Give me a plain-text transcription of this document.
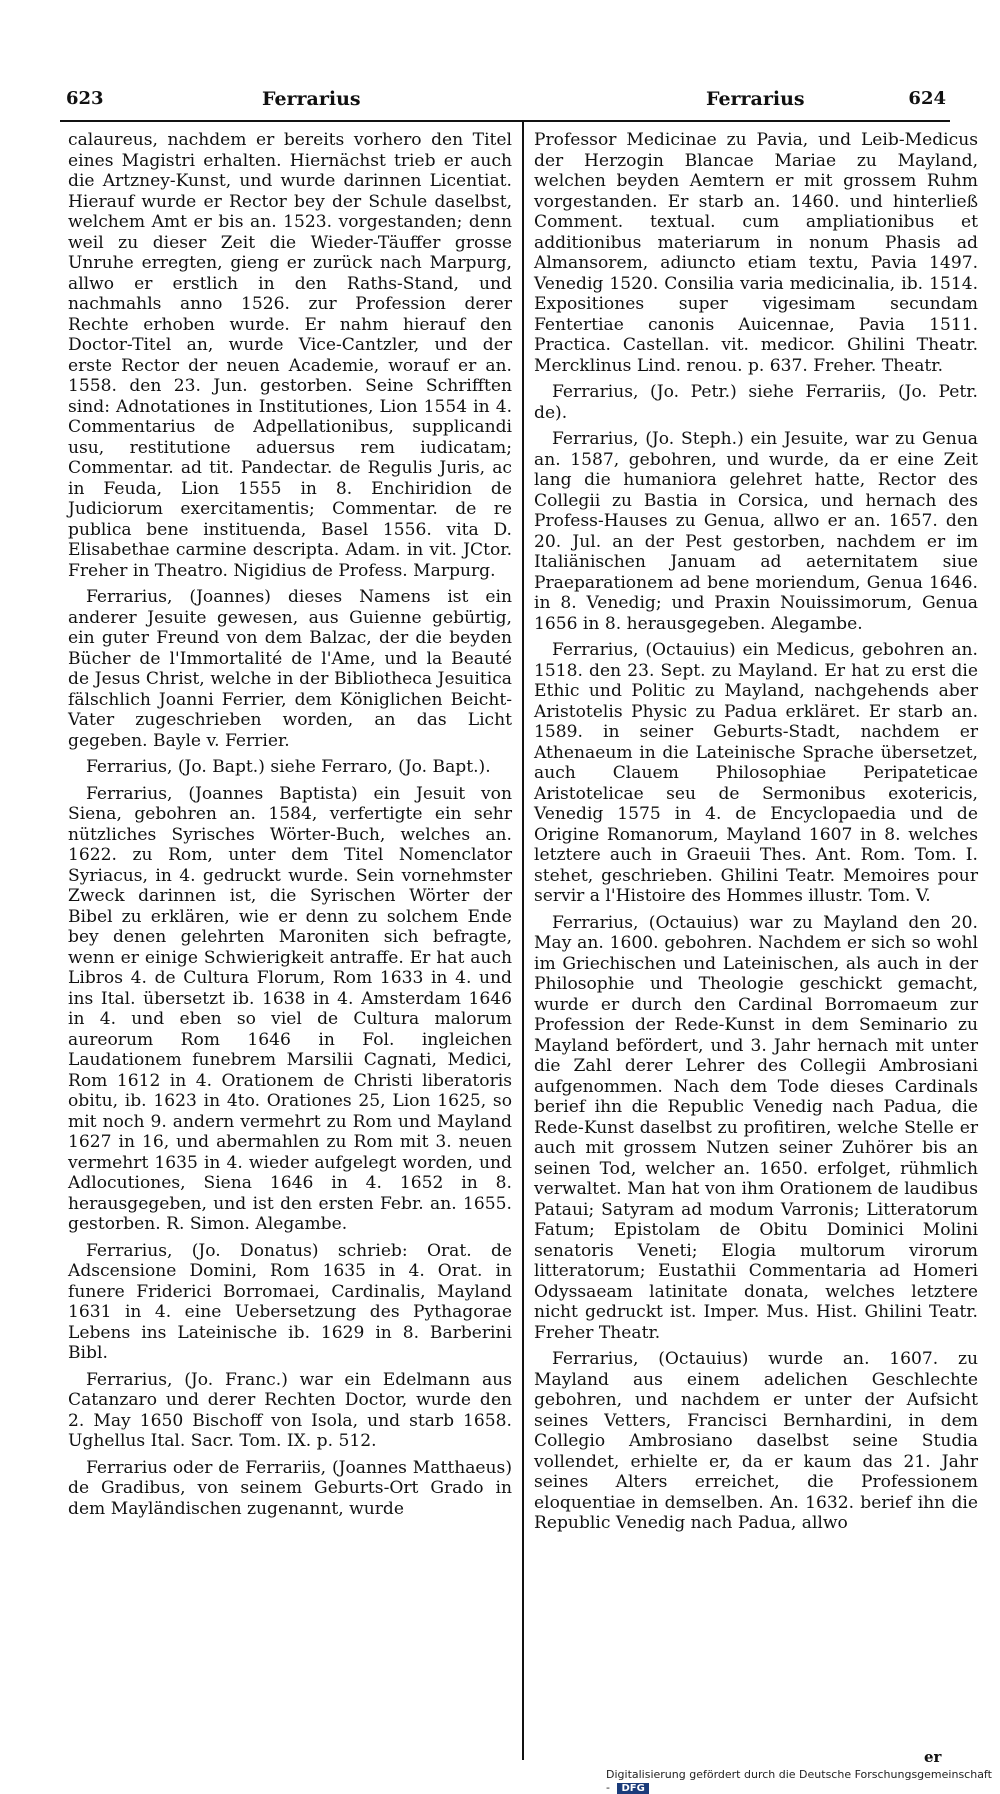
623	Ferrarius	Ferrarius	624

calaureus, nachdem er bereits vorhero den Titel eines Magistri erhalten. Hiernächst trieb er auch die Artzney-Kunst, und wurde darinnen Licentiat. Hierauf wurde er Rector bey der Schule daselbst, welchem Amt er bis an. 1523. vorgestanden; denn weil zu dieser Zeit die Wieder-Täuffer grosse Unruhe erregten, gieng er zurück nach Marpurg, allwo er erstlich in den Raths-Stand, und nachmahls anno 1526. zur Profession derer Rechte erhoben wurde. Er nahm hierauf den Doctor-Titel an, wurde Vice-Cantzler, und der erste Rector der neuen Academie, worauf er an. 1558. den 23. Jun. gestorben. Seine Schrifften sind: Adnotationes in Institutiones, Lion 1554 in 4. Commentarius de Adpellationibus, supplicandi usu, restitutione aduersus rem iudicatam; Commentar. ad tit. Pandectar. de Regulis Juris, ac in Feuda, Lion 1555 in 8. Enchiridion de Judiciorum exercitamentis; Commentar. de re publica bene instituenda, Basel 1556. vita D. Elisabethae carmine descripta. Adam. in vit. JCtor. Freher in Theatro. Nigidius de Profess. Marpurg.

Ferrarius, (Joannes) dieses Namens ist ein anderer Jesuite gewesen, aus Guienne gebürtig, ein guter Freund von dem Balzac, der die beyden Bücher de l'Immortalité de l'Ame, und la Beauté de Jesus Christ, welche in der Bibliotheca Jesuitica fälschlich Joanni Ferrier, dem Königlichen Beicht-Vater zugeschrieben worden, an das Licht gegeben. Bayle v. Ferrier.

Ferrarius, (Jo. Bapt.) siehe Ferraro, (Jo. Bapt.).

Ferrarius, (Joannes Baptista) ein Jesuit von Siena, gebohren an. 1584, verfertigte ein sehr nützliches Syrisches Wörter-Buch, welches an. 1622. zu Rom, unter dem Titel Nomenclator Syriacus, in 4. gedruckt wurde. Sein vornehmster Zweck darinnen ist, die Syrischen Wörter der Bibel zu erklären, wie er denn zu solchem Ende bey denen gelehrten Maroniten sich befragte, wenn er einige Schwierigkeit antraffe. Er hat auch Libros 4. de Cultura Florum, Rom 1633 in 4. und ins Ital. übersetzt ib. 1638 in 4. Amsterdam 1646 in 4. und eben so viel de Cultura malorum aureorum Rom 1646 in Fol. ingleichen Laudationem funebrem Marsilii Cagnati, Medici, Rom 1612 in 4. Orationem de Christi liberatoris obitu, ib. 1623 in 4to. Orationes 25, Lion 1625, so mit noch 9. andern vermehrt zu Rom und Mayland 1627 in 16, und abermahlen zu Rom mit 3. neuen vermehrt 1635 in 4. wieder aufgelegt worden, und Adlocutiones, Siena 1646 in 4. 1652 in 8. herausgegeben, und ist den ersten Febr. an. 1655. gestorben. R. Simon. Alegambe.

Ferrarius, (Jo. Donatus) schrieb: Orat. de Adscensione Domini, Rom 1635 in 4. Orat. in funere Friderici Borromaei, Cardinalis, Mayland 1631 in 4. eine Uebersetzung des Pythagorae Lebens ins Lateinische ib. 1629 in 8. Barberini Bibl.

Ferrarius, (Jo. Franc.) war ein Edelmann aus Catanzaro und derer Rechten Doctor, wurde den 2. May 1650 Bischoff von Isola, und starb 1658. Ughellus Ital. Sacr. Tom. IX. p. 512.

Ferrarius oder de Ferrariis, (Joannes Matthaeus) de Gradibus, von seinem Geburts-Ort Grado in dem Mayländischen zugenannt, wurde

Professor Medicinae zu Pavia, und Leib-Medicus der Herzogin Blancae Mariae zu Mayland, welchen beyden Aemtern er mit grossem Ruhm vorgestanden. Er starb an. 1460. und hinterließ Comment. textual. cum ampliationibus et additionibus materiarum in nonum Phasis ad Almansorem, adiuncto etiam textu, Pavia 1497. Venedig 1520. Consilia varia medicinalia, ib. 1514. Expositiones super vigesimam secundam Fentertiae canonis Auicennae, Pavia 1511. Practica. Castellan. vit. medicor. Ghilini Theatr. Mercklinus Lind. renou. p. 637. Freher. Theatr.

Ferrarius, (Jo. Petr.) siehe Ferrariis, (Jo. Petr. de).

Ferrarius, (Jo. Steph.) ein Jesuite, war zu Genua an. 1587, gebohren, und wurde, da er eine Zeit lang die humaniora gelehret hatte, Rector des Collegii zu Bastia in Corsica, und hernach des Profess-Hauses zu Genua, allwo er an. 1657. den 20. Jul. an der Pest gestorben, nachdem er im Italiänischen Januam ad aeternitatem siue Praeparationem ad bene moriendum, Genua 1646. in 8. Venedig; und Praxin Nouissimorum, Genua 1656 in 8. herausgegeben. Alegambe.

Ferrarius, (Octauius) ein Medicus, gebohren an. 1518. den 23. Sept. zu Mayland. Er hat zu erst die Ethic und Politic zu Mayland, nachgehends aber Aristotelis Physic zu Padua erkläret. Er starb an. 1589. in seiner Geburts-Stadt, nachdem er Athenaeum in die Lateinische Sprache übersetzet, auch Clauem Philosophiae Peripateticae Aristotelicae seu de Sermonibus exotericis, Venedig 1575 in 4. de Encyclopaedia und de Origine Romanorum, Mayland 1607 in 8. welches letztere auch in Graeuii Thes. Ant. Rom. Tom. I. stehet, geschrieben. Ghilini Teatr. Memoires pour servir a l'Histoire des Hommes illustr. Tom. V.

Ferrarius, (Octauius) war zu Mayland den 20. May an. 1600. gebohren. Nachdem er sich so wohl im Griechischen und Lateinischen, als auch in der Philosophie und Theologie geschickt gemacht, wurde er durch den Cardinal Borromaeum zur Profession der Rede-Kunst in dem Seminario zu Mayland befördert, und 3. Jahr hernach mit unter die Zahl derer Lehrer des Collegii Ambrosiani aufgenommen. Nach dem Tode dieses Cardinals berief ihn die Republic Venedig nach Padua, die Rede-Kunst daselbst zu profitiren, welche Stelle er auch mit grossem Nutzen seiner Zuhörer bis an seinen Tod, welcher an. 1650. erfolget, rühmlich verwaltet. Man hat von ihm Orationem de laudibus Pataui; Satyram ad modum Varronis; Litteratorum Fatum; Epistolam de Obitu Dominici Molini senatoris Veneti; Elogia multorum virorum litteratorum; Eustathii Commentaria ad Homeri Odyssaeam latinitate donata, welches letztere nicht gedruckt ist. Imper. Mus. Hist. Ghilini Teatr. Freher Theatr.

Ferrarius, (Octauius) wurde an. 1607. zu Mayland aus einem adelichen Geschlechte gebohren, und nachdem er unter der Aufsicht seines Vetters, Francisci Bernhardini, in dem Collegio Ambrosiano daselbst seine Studia vollendet, erhielte er, da er kaum das 21. Jahr seines Alters erreichet, die Professionem eloquentiae in demselben. An. 1632. berief ihn die Republic Venedig nach Padua, allwo

er
Digitalisierung gefördert durch die Deutsche Forschungsgemeinschaft - DFG
